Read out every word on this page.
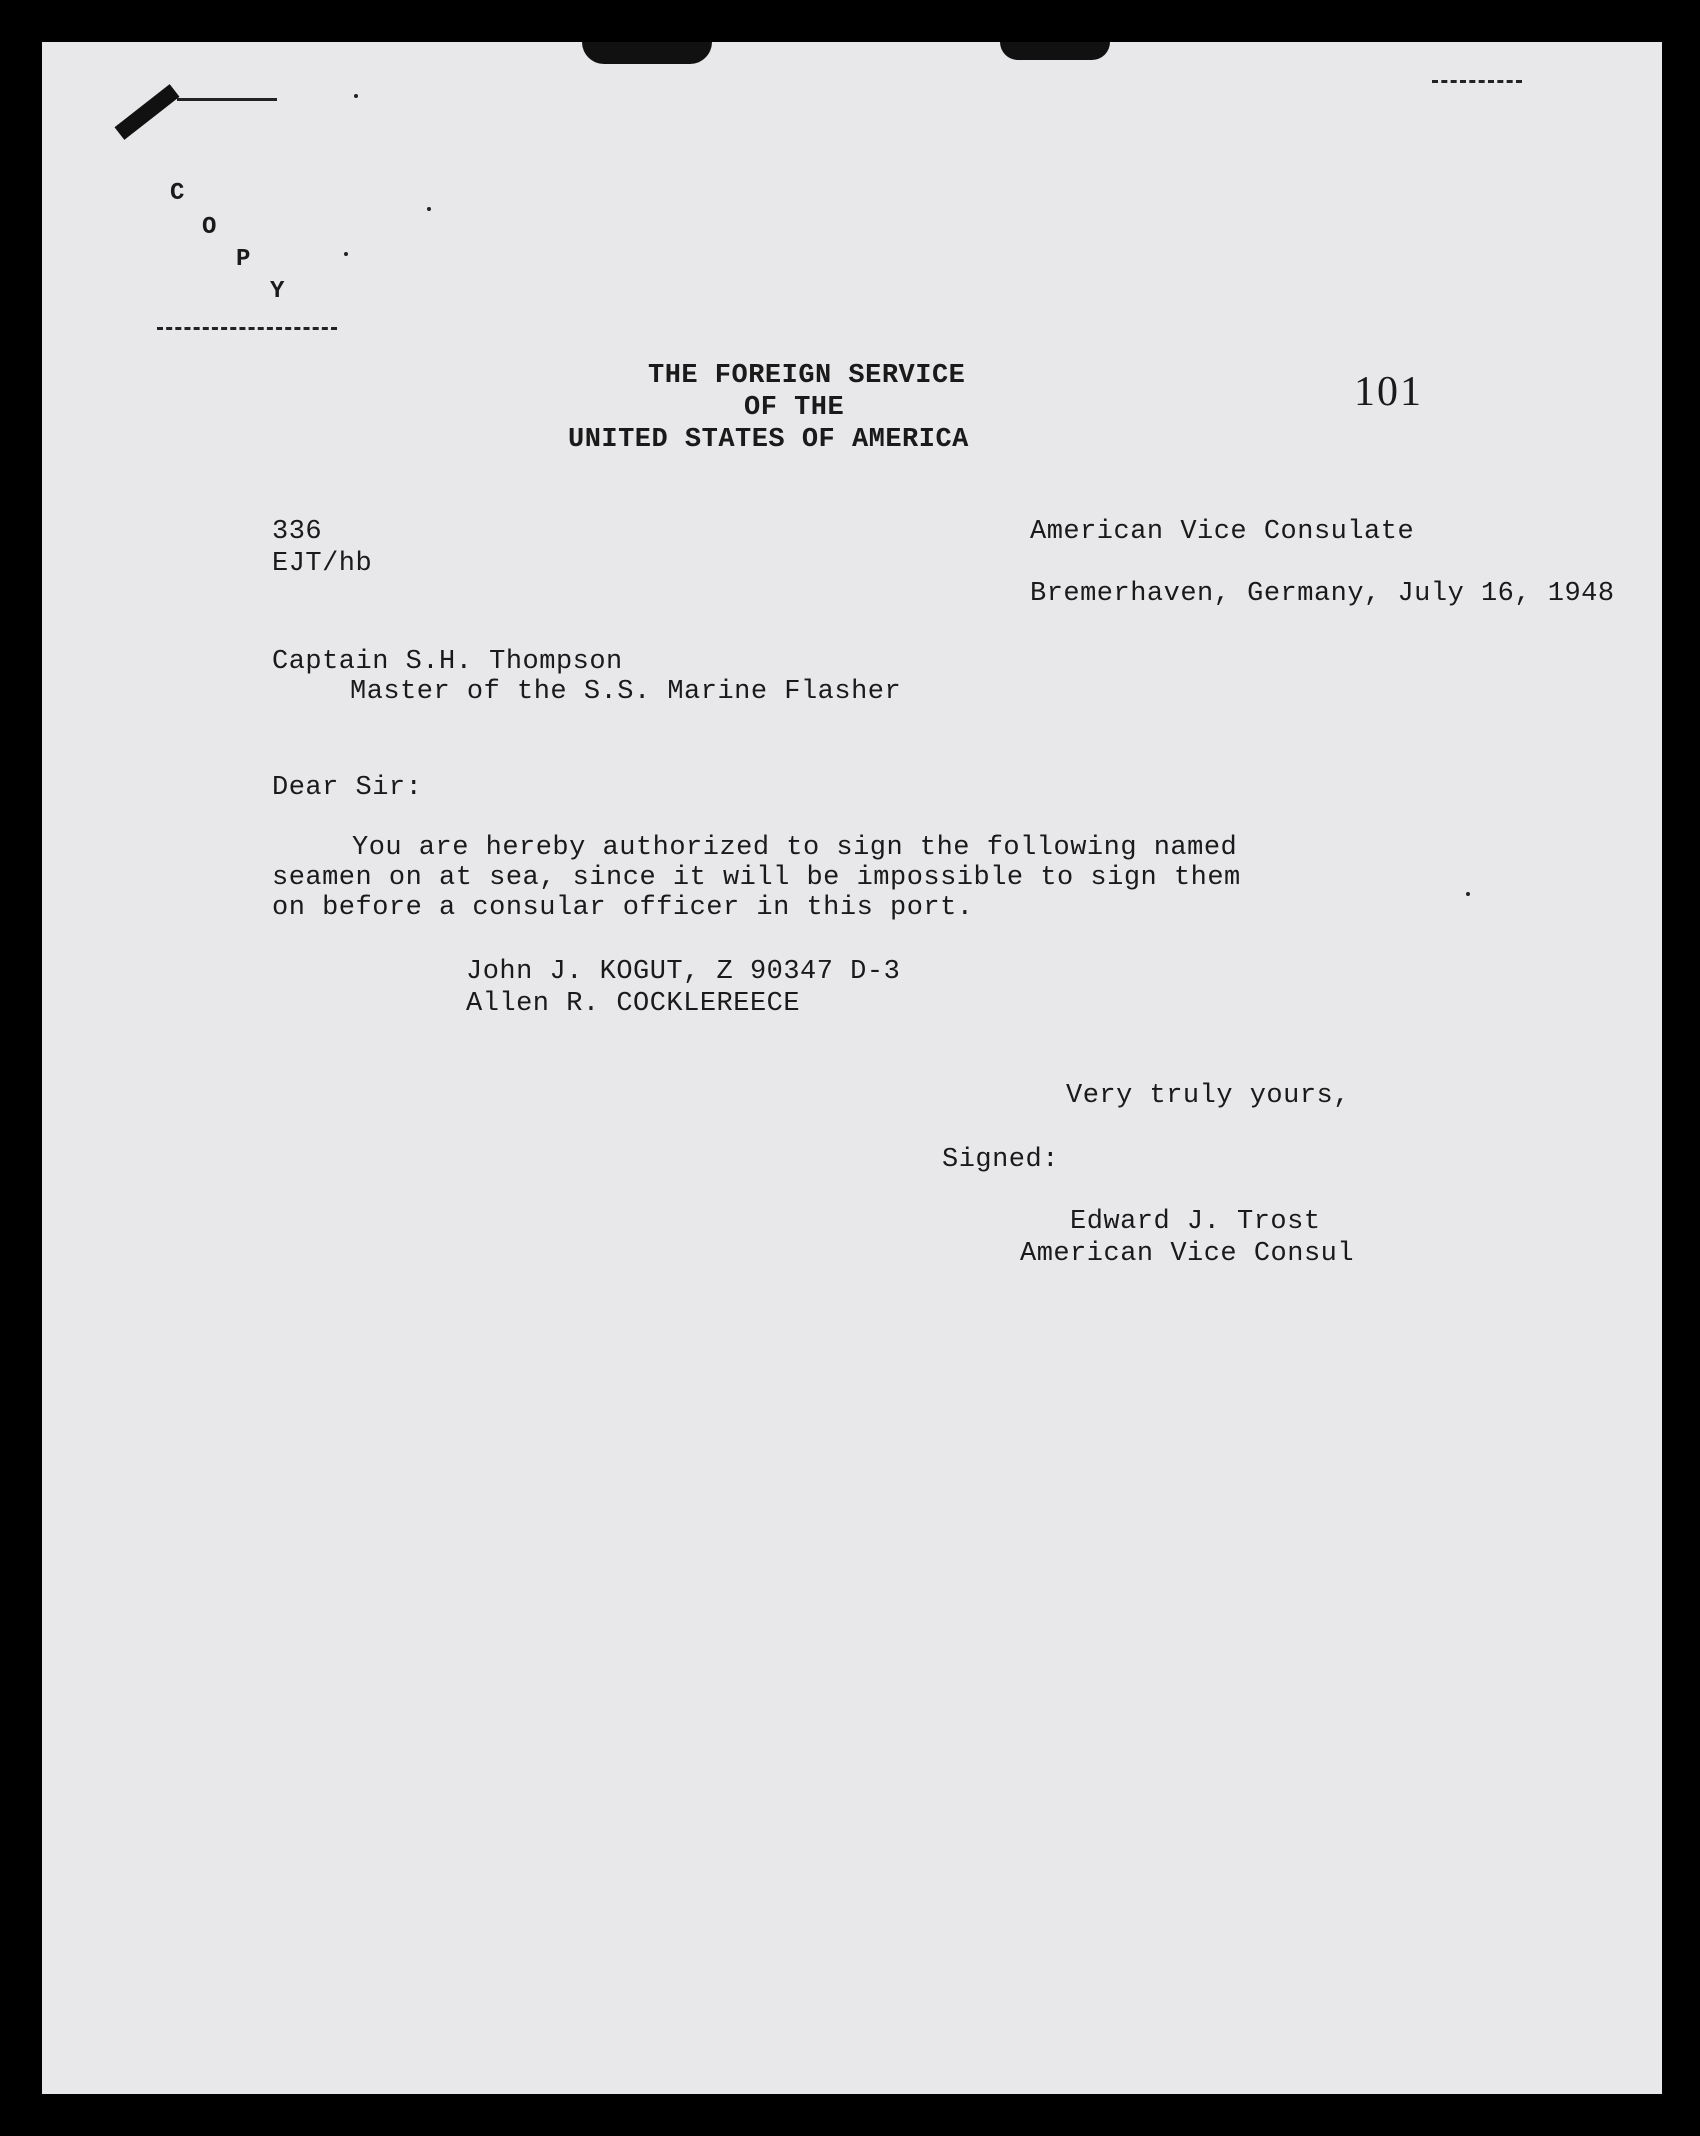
C
O
P
Y
101
THE FOREIGN SERVICE
OF THE
UNITED STATES OF AMERICA
336
EJT/hb
American Vice Consulate
Bremerhaven, Germany, July 16, 1948
Captain S.H. Thompson
Master of the S.S. Marine Flasher
Dear Sir:
You are hereby authorized to sign the following named
seamen on at sea, since it will be impossible to sign them
on before a consular officer in this port.
John J. KOGUT, Z 90347 D-3
Allen R. COCKLEREECE
Very truly yours,
Signed:
Edward J. Trost
American Vice Consul
